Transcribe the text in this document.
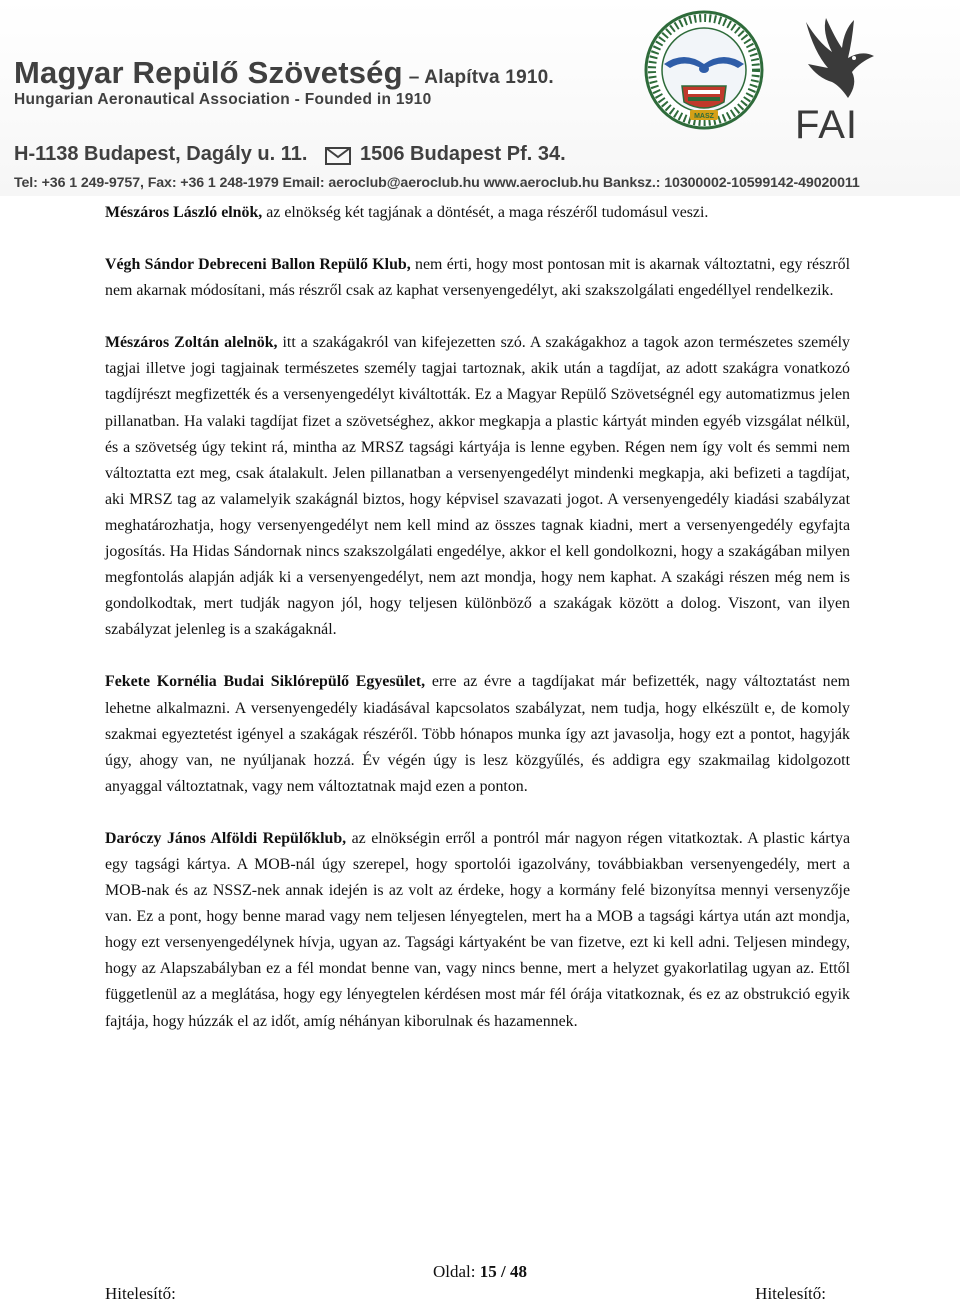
Magyar Repülő Szövetség – Alapítva 1910.
Hungarian Aeronautical Association - Founded in 1910
H-1138 Budapest, Dagály u. 11.	1506 Budapest Pf. 34.
Tel: +36 1 249-9757, Fax: +36 1 248-1979 Email: aeroclub@aeroclub.hu www.aeroclub.hu Banksz.: 10300002-10599142-49020011
MASZ FAI

Mészáros László elnök, az elnökség két tagjának a döntését, a maga részéről tudomásul veszi.

Végh Sándor Debreceni Ballon Repülő Klub, nem érti, hogy most pontosan mit is akarnak változtatni, egy részről nem akarnak módosítani, más részről csak az kaphat versenyengedélyt, aki szakszolgálati engedéllyel rendelkezik.

Mészáros Zoltán alelnök, itt a szakágakról van kifejezetten szó. A szakágakhoz a tagok azon természetes személy tagjai illetve jogi tagjainak természetes személy tagjai tartoznak, akik után a tagdíjat, az adott szakágra vonatkozó tagdíjrészt megfizették és a versenyengedélyt kiváltották. Ez a Magyar Repülő Szövetségnél egy automatizmus jelen pillanatban. Ha valaki tagdíjat fizet a szövetséghez, akkor megkapja a plastic kártyát minden egyéb vizsgálat nélkül, és a szövetség úgy tekint rá, mintha az MRSZ tagsági kártyája is lenne egyben. Régen nem így volt és semmi nem változtatta ezt meg, csak átalakult. Jelen pillanatban a versenyengedélyt mindenki megkapja, aki befizeti a tagdíjat, aki MRSZ tag az valamelyik szakágnál biztos, hogy képvisel szavazati jogot. A versenyengedély kiadási szabályzat meghatározhatja, hogy versenyengedélyt nem kell mind az összes tagnak kiadni, mert a versenyengedély egyfajta jogosítás. Ha Hidas Sándornak nincs szakszolgálati engedélye, akkor el kell gondolkozni, hogy a szakágában milyen megfontolás alapján adják ki a versenyengedélyt, nem azt mondja, hogy nem kaphat. A szakági részen még nem is gondolkodtak, mert tudják nagyon jól, hogy teljesen különböző a szakágak között a dolog. Viszont, van ilyen szabályzat jelenleg is a szakágaknál.

Fekete Kornélia Budai Siklórepülő Egyesület, erre az évre a tagdíjakat már befizették, nagy változtatást nem lehetne alkalmazni. A versenyengedély kiadásával kapcsolatos szabályzat, nem tudja, hogy elkészült e, de komoly szakmai egyeztetést igényel a szakágak részéről. Több hónapos munka így azt javasolja, hogy ezt a pontot, hagyják úgy, ahogy van, ne nyúljanak hozzá. Év végén úgy is lesz közgyűlés, és addigra egy szakmailag kidolgozott anyaggal változtatnak, vagy nem változtatnak majd ezen a ponton.

Daróczy János Alföldi Repülőklub, az elnökségin erről a pontról már nagyon régen vitatkoztak. A plastic kártya egy tagsági kártya. A MOB-nál úgy szerepel, hogy sportolói igazolvány, továbbiakban versenyengedély, mert a MOB-nak és az NSSZ-nek annak idején is az volt az érdeke, hogy a kormány felé bizonyítsa mennyi versenyzője van. Ez a pont, hogy benne marad vagy nem teljesen lényegtelen, mert ha a MOB a tagsági kártya után azt mondja, hogy ezt versenyengedélynek hívja, ugyan az. Tagsági kártyaként be van fizetve, ezt ki kell adni. Teljesen mindegy, hogy az Alapszabályban ez a fél mondat benne van, vagy nincs benne, mert a helyzet gyakorlatilag ugyan az. Ettől függetlenül az a meglátása, hogy egy lényegtelen kérdésen most már fél órája vitatkoznak, és ez az obstrukció egyik fajtája, hogy húzzák el az időt, amíg néhányan kiborulnak és hazamennek.

Oldal: 15 / 48
Hitelesítő:	Hitelesítő:
